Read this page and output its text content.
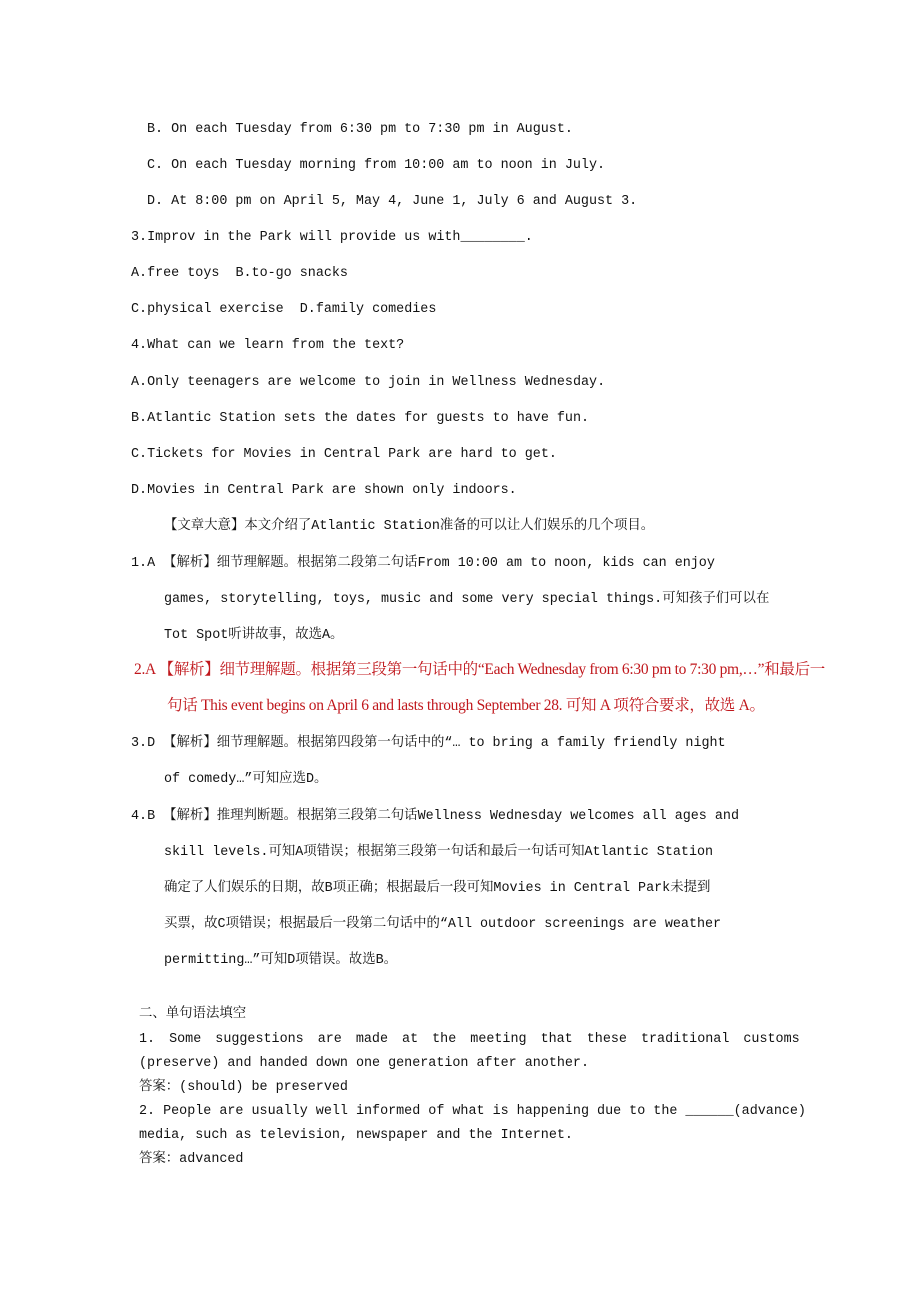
B. On each Tuesday from 6:30 pm to 7:30 pm in August.
C. On each Tuesday morning from 10:00 am to noon in July.
D. At 8:00 pm on April 5, May 4, June 1, July 6 and August 3.
3.Improv in the Park will provide us with________.
A.free toys  B.to-go snacks
C.physical exercise  D.family comedies
4.What can we learn from the text?
A.Only teenagers are welcome to join in Wellness Wednesday.
B.Atlantic Station sets the dates for guests to have fun.
C.Tickets for Movies in Central Park are hard to get.
D.Movies in Central Park are shown only indoors.
【文章大意】本文介绍了Atlantic Station准备的可以让人们娱乐的几个项目。
1.A 【解析】细节理解题。根据第二段第二句话From 10:00 am to noon, kids can enjoy
games, storytelling, toys, music and some very special things.可知孩子们可以在
Tot Spot听讲故事，故选A。
2.A 【解析】细节理解题。根据第三段第一句话中的“Each Wednesday from 6:30 pm to 7:30 pm,…”和最后一
句话 This event begins on April 6 and lasts through September 28. 可知 A 项符合要求，故选 A。
3.D 【解析】细节理解题。根据第四段第一句话中的“… to bring a family friendly night
of comedy…”可知应选D。
4.B 【解析】推理判断题。根据第三段第二句话Wellness Wednesday welcomes all ages and
skill levels.可知A项错误；根据第三段第一句话和最后一句话可知Atlantic Station
确定了人们娱乐的日期，故B项正确；根据最后一段可知Movies in Central Park未提到
买票，故C项错误；根据最后一段第二句话中的“All outdoor screenings are weather
permitting…”可知D项错误。故选B。
二、单句语法填空
1. Some suggestions are made at the meeting that these traditional customs
(preserve) and handed down one generation after another.
答案：(should) be preserved
2. People are usually well informed of what is happening due to the ______(advance)
media, such as television, newspaper and the Internet.
答案：advanced
